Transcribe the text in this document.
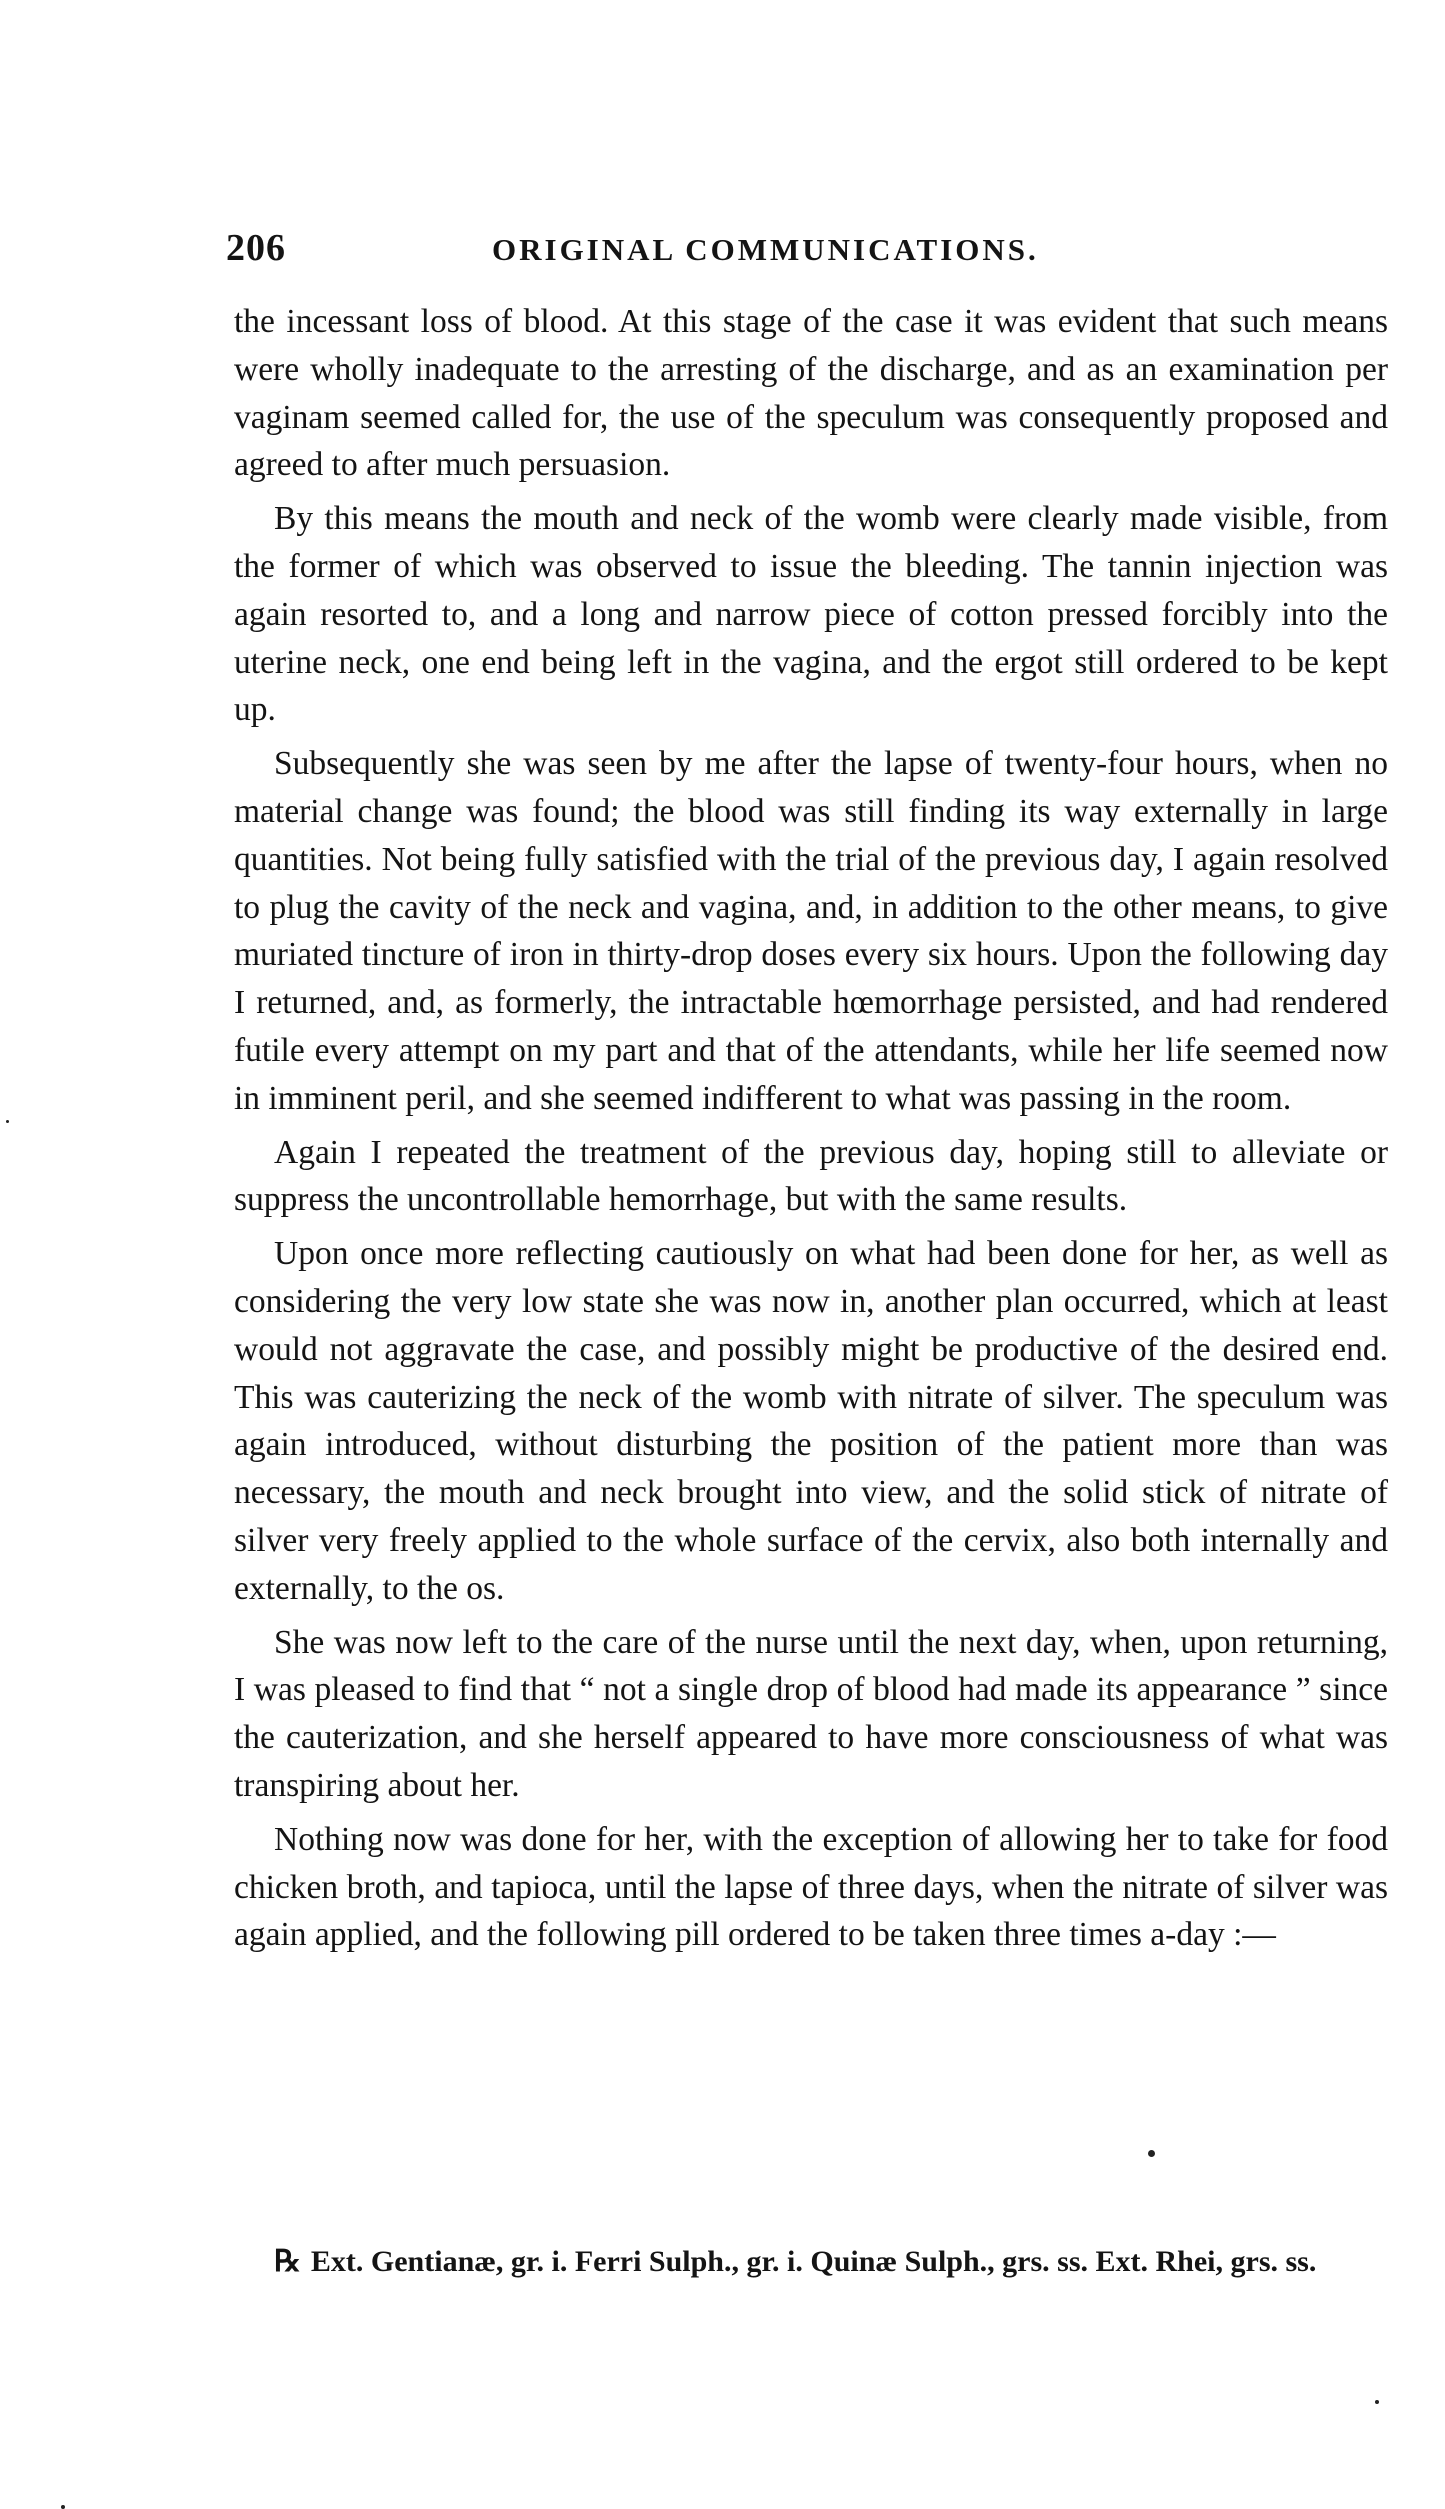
206	ORIGINAL COMMUNICATIONS.

the incessant loss of blood. At this stage of the case it was evident that such means were wholly inadequate to the arresting of the discharge, and as an examination per vaginam seemed called for, the use of the speculum was consequently proposed and agreed to after much persuasion.

By this means the mouth and neck of the womb were clearly made visible, from the former of which was observed to issue the bleeding. The tannin injection was again resorted to, and a long and narrow piece of cotton pressed forcibly into the uterine neck, one end being left in the vagina, and the ergot still ordered to be kept up.

Subsequently she was seen by me after the lapse of twenty-four hours, when no material change was found; the blood was still finding its way externally in large quantities. Not being fully satisfied with the trial of the previous day, I again resolved to plug the cavity of the neck and vagina, and, in addition to the other means, to give muriated tincture of iron in thirty-drop doses every six hours. Upon the following day I returned, and, as formerly, the intractable hœmorrhage persisted, and had rendered futile every attempt on my part and that of the attendants, while her life seemed now in imminent peril, and she seemed indifferent to what was passing in the room.

Again I repeated the treatment of the previous day, hoping still to alleviate or suppress the uncontrollable hemorrhage, but with the same results.

Upon once more reflecting cautiously on what had been done for her, as well as considering the very low state she was now in, another plan occurred, which at least would not aggravate the case, and possibly might be productive of the desired end. This was cauterizing the neck of the womb with nitrate of silver. The speculum was again introduced, without disturbing the position of the patient more than was necessary, the mouth and neck brought into view, and the solid stick of nitrate of silver very freely applied to the whole surface of the cervix, also both internally and externally, to the os.

She was now left to the care of the nurse until the next day, when, upon returning, I was pleased to find that “ not a single drop of blood had made its appearance ” since the cauterization, and she herself appeared to have more consciousness of what was transpiring about her.

Nothing now was done for her, with the exception of allowing her to take for food chicken broth, and tapioca, until the lapse of three days, when the nitrate of silver was again applied, and the following pill ordered to be taken three times a-day :—

℞ Ext. Gentianæ, gr. i. Ferri Sulph., gr. i. Quinæ Sulph., grs. ss. Ext. Rhei, grs. ss.
